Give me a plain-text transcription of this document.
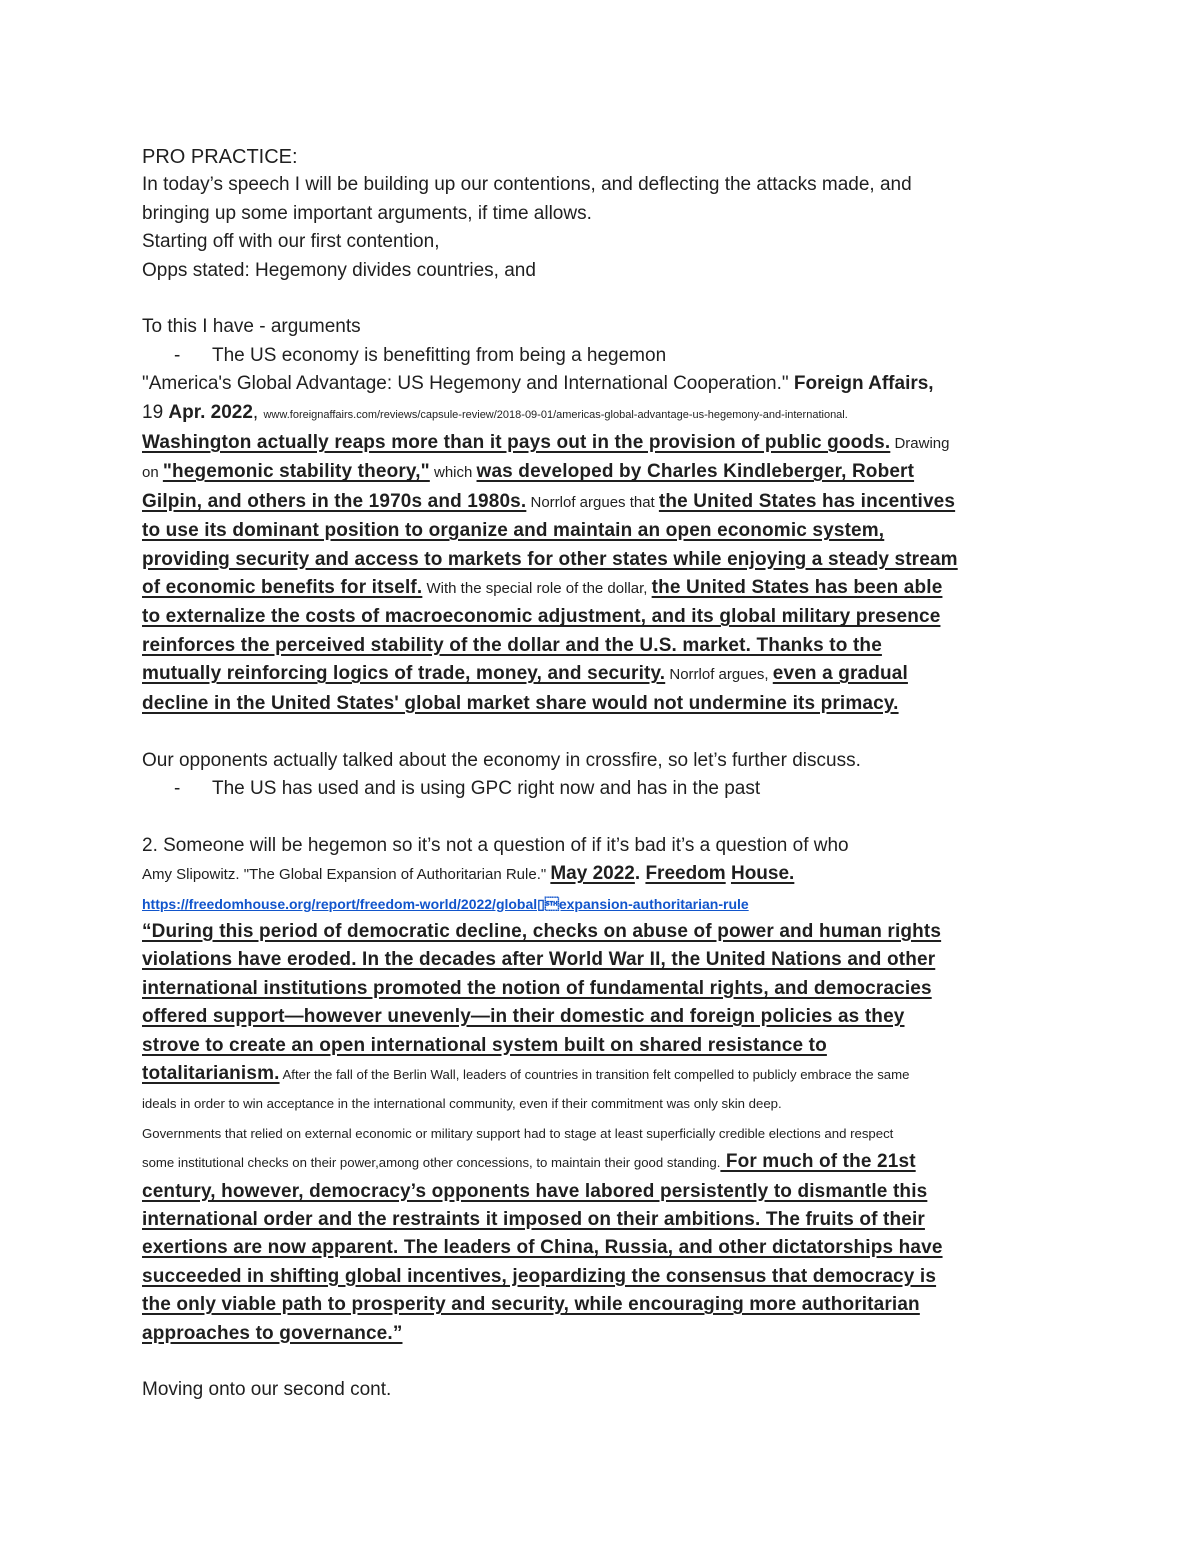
PRO PRACTICE:
In today’s speech I will be building up our contentions, and deflecting the attacks made, and
bringing up some important arguments, if time allows.
Starting off with our first contention,
Opps stated: Hegemony divides countries, and
To this I have - arguments
- The US economy is benefitting from being a hegemon
"America's Global Advantage: US Hegemony and International Cooperation." Foreign Affairs,
19 Apr. 2022, www.foreignaffairs.com/reviews/capsule-review/2018-09-01/americas-global-advantage-us-hegemony-and-international.
Washington actually reaps more than it pays out in the provision of public goods. Drawing
on "hegemonic stability theory," which was developed by Charles Kindleberger, Robert
Gilpin, and others in the 1970s and 1980s. Norrlof argues that the United States has incentives
to use its dominant position to organize and maintain an open economic system,
providing security and access to markets for other states while enjoying a steady stream
of economic benefits for itself. With the special role of the dollar, the United States has been able
to externalize the costs of macroeconomic adjustment, and its global military presence
reinforces the perceived stability of the dollar and the U.S. market. Thanks to the
mutually reinforcing logics of trade, money, and security. Norrlof argues, even a gradual
decline in the United States' global market share would not undermine its primacy.
Our opponents actually talked about the economy in crossfire, so let’s further discuss.
- The US has used and is using GPC right now and has in the past
2. Someone will be hegemon so it’s not a question of if it’s bad it’s a question of who
Amy Slipowitz. "The Global Expansion of Authoritarian Rule." May 2022. Freedom House.
https://freedomhouse.org/report/freedom-world/2022/global▯expansion-authoritarian-rule
“During this period of democratic decline, checks on abuse of power and human rights
violations have eroded. In the decades after World War II, the United Nations and other
international institutions promoted the notion of fundamental rights, and democracies
offered support—however unevenly—in their domestic and foreign policies as they
strove to create an open international system built on shared resistance to
totalitarianism. After the fall of the Berlin Wall, leaders of countries in transition felt compelled to publicly embrace the same
ideals in order to win acceptance in the international community, even if their commitment was only skin deep.
Governments that relied on external economic or military support had to stage at least superficially credible elections and respect
some institutional checks on their power,among other concessions, to maintain their good standing. For much of the 21st
century, however, democracy’s opponents have labored persistently to dismantle this
international order and the restraints it imposed on their ambitions. The fruits of their
exertions are now apparent. The leaders of China, Russia, and other dictatorships have
succeeded in shifting global incentives, jeopardizing the consensus that democracy is
the only viable path to prosperity and security, while encouraging more authoritarian
approaches to governance.”
Moving onto our second cont.
